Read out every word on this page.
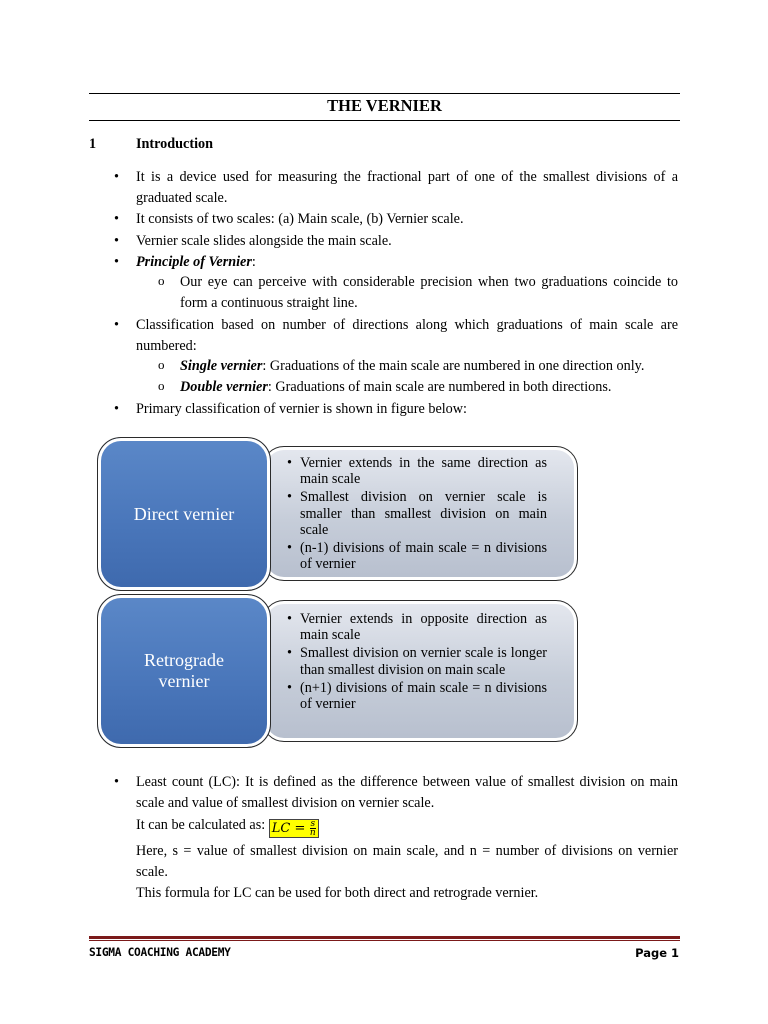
THE VERNIER
1	Introduction
• It is a device used for measuring the fractional part of one of the smallest divisions of a graduated scale.
• It consists of two scales: (a) Main scale, (b) Vernier scale.
• Vernier scale slides alongside the main scale.
• Principle of Vernier:
o Our eye can perceive with considerable precision when two graduations coincide to form a continuous straight line.
• Classification based on number of directions along which graduations of main scale are numbered:
o Single vernier: Graduations of the main scale are numbered in one direction only.
o Double vernier: Graduations of main scale are numbered in both directions.
• Primary classification of vernier is shown in figure below:
• Vernier extends in the same direction as main scale
• Smallest division on vernier scale is smaller than smallest division on main scale
• (n-1) divisions of main scale = n divisions of vernier
Direct vernier
• Vernier extends in opposite direction as main scale
• Smallest division on vernier scale is longer than smallest division on main scale
• (n+1) divisions of main scale = n divisions of vernier
Retrograde
vernier
• Least count (LC): It is defined as the difference between value of smallest division on main scale and value of smallest division on vernier scale.
It can be calculated as: LC = $\frac{s}{n}$
Here, s = value of smallest division on main scale, and n = number of divisions on vernier scale.
This formula for LC can be used for both direct and retrograde vernier.
SIGMA COACHING ACADEMY	Page 1
